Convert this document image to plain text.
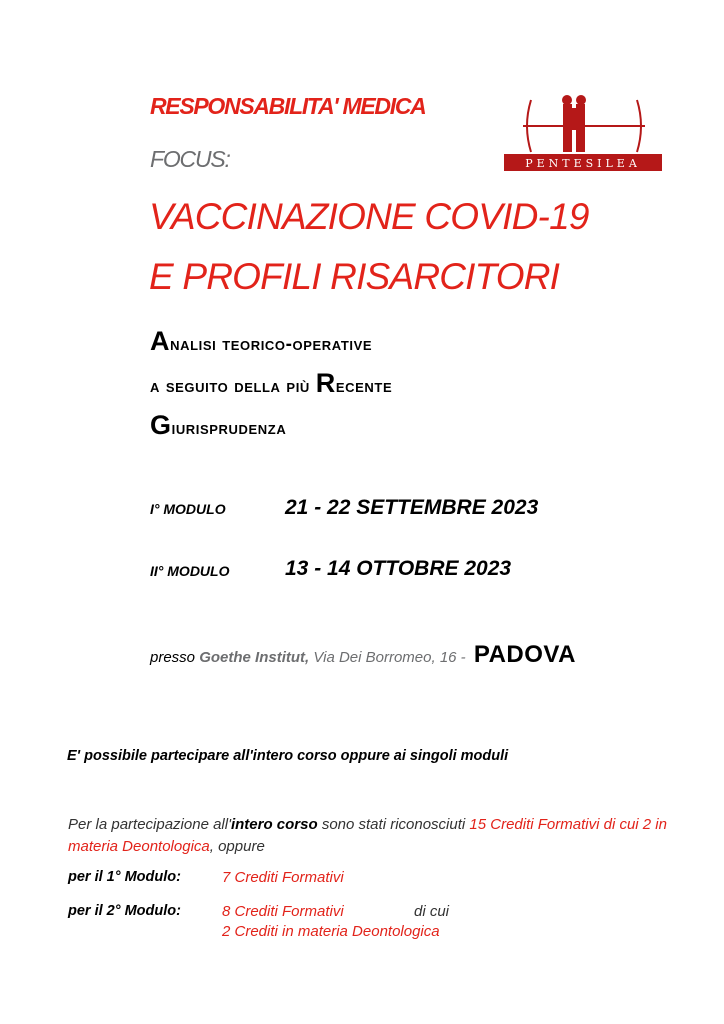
RESPONSABILITA' MEDICA
FOCUS:
VACCINAZIONE COVID-19
E PROFILI RISARCITORI
PENTESILEA
Analisi teorico-operative
a seguito della più Recente
Giurisprudenza
I° MODULO	21 - 22 SETTEMBRE 2023
II° MODULO	13 - 14 OTTOBRE 2023
presso Goethe Institut, Via Dei Borromeo, 16 - PADOVA
E' possibile partecipare all'intero corso oppure ai singoli moduli
Per la partecipazione all'intero corso sono stati riconosciuti 15 Crediti Formativi di cui 2 in materia Deontologica, oppure
per il 1° Modulo:	7 Crediti Formativi
per il 2° Modulo:	8 Crediti Formativi	di cui
2 Crediti in materia Deontologica
